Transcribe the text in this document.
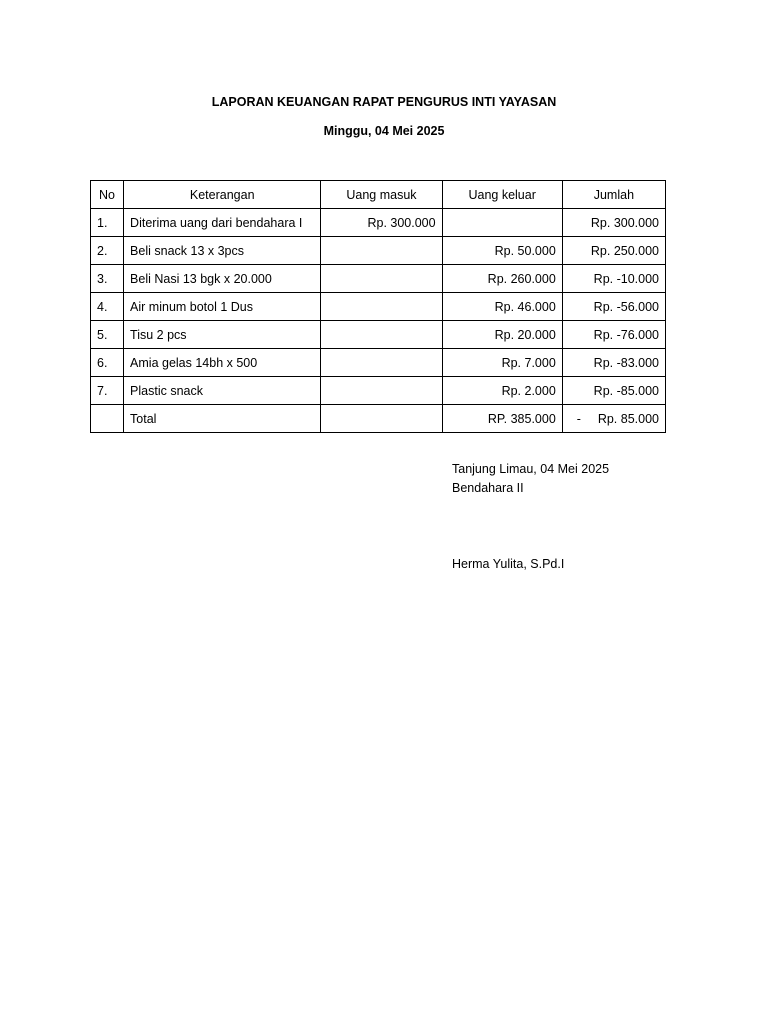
LAPORAN KEUANGAN RAPAT PENGURUS INTI YAYASAN
Minggu, 04 Mei 2025
No	Keterangan	Uang masuk	Uang keluar	Jumlah
1.	Diterima uang dari bendahara I	Rp. 300.000		Rp. 300.000
2.	Beli snack 13 x 3pcs		Rp. 50.000	Rp. 250.000
3.	Beli Nasi 13 bgk x 20.000		Rp. 260.000	Rp. -10.000
4.	Air minum botol 1 Dus		Rp. 46.000	Rp. -56.000
5.	Tisu 2 pcs		Rp. 20.000	Rp. -76.000
6.	Amia gelas 14bh x 500		Rp. 7.000	Rp. -83.000
7.	Plastic snack		Rp. 2.000	Rp. -85.000
	Total		RP. 385.000	- Rp. 85.000
Tanjung Limau, 04 Mei 2025
Bendahara II
Herma Yulita, S.Pd.I
